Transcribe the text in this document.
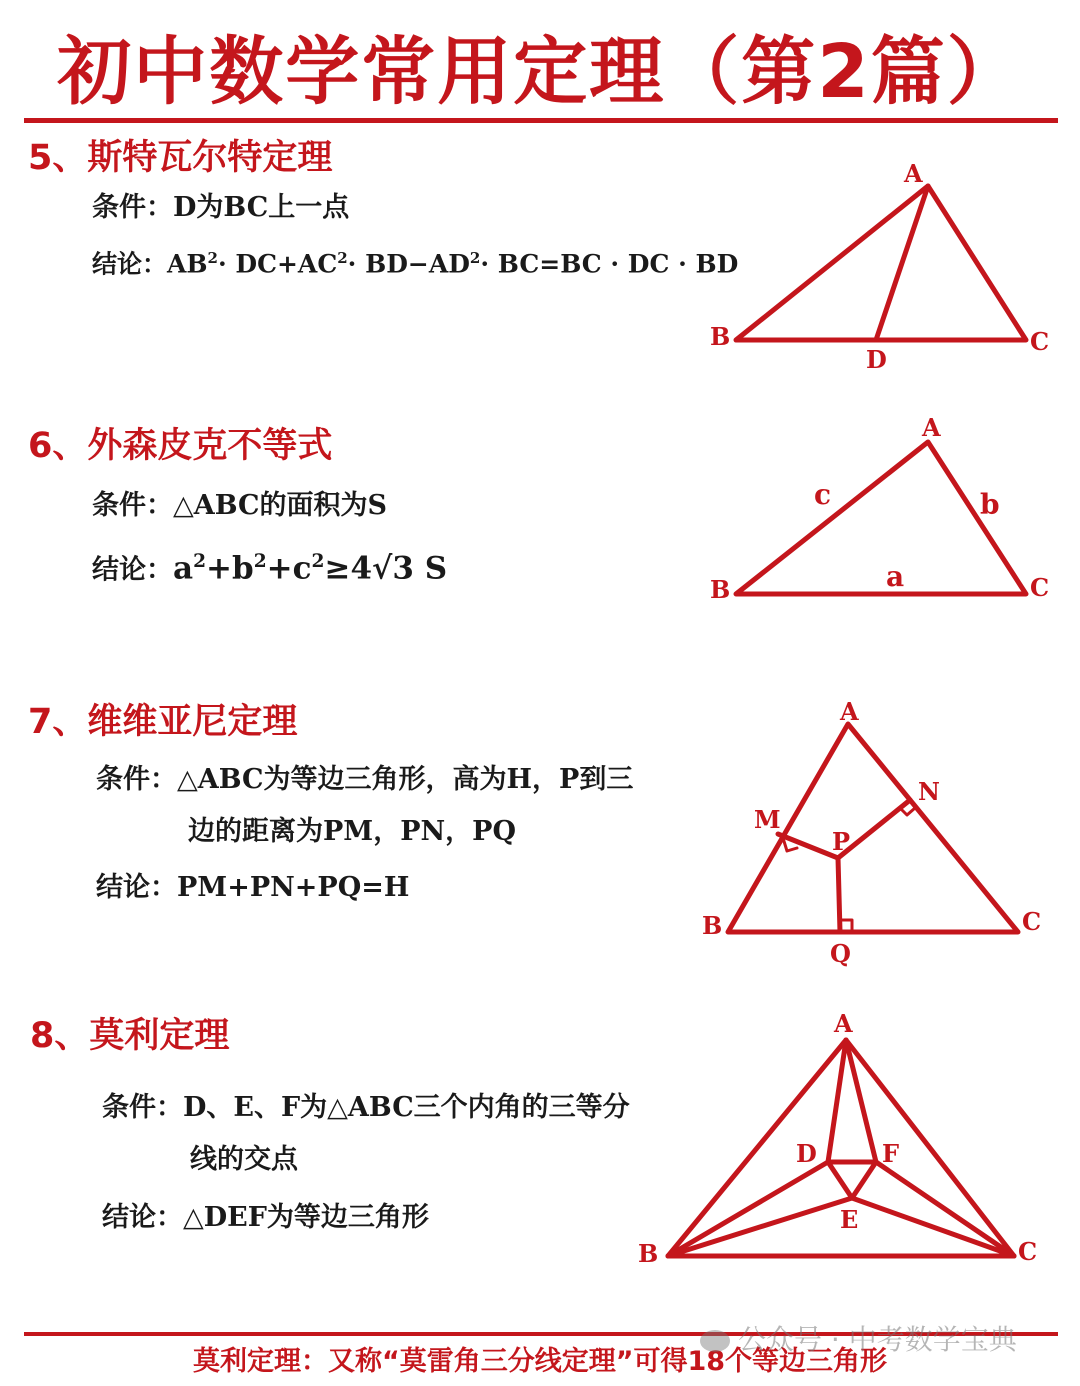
初中数学常用定理（第2篇）
5、斯特瓦尔特定理
条件：D为BC上一点
结论：$AB^2\cdot DC+AC^2\cdot BD-AD^2\cdot BC=BC$ · DC · BD
6、外森皮克不等式
条件：△ABC的面积为S
结论：$a^2+b^2+c^2\ge 4√3$ S
7、维维亚尼定理
条件：△ABC为等边三角形，高为H，P到三
边的距离为PM，PN，PQ
结论：PM+PN+PQ=H
8、莫利定理
条件：D、E、F为△ABC三个内角的三等分
线的交点
结论：△DEF为等边三角形
A
B	C
D
A
B	C
a
b
c
A
B	C
M
N
P
Q
A
B	C
D
E
F
莫利定理：又称“莫雷角三分线定理”可得18个等边三角形
公众号 · 中考数学宝典
